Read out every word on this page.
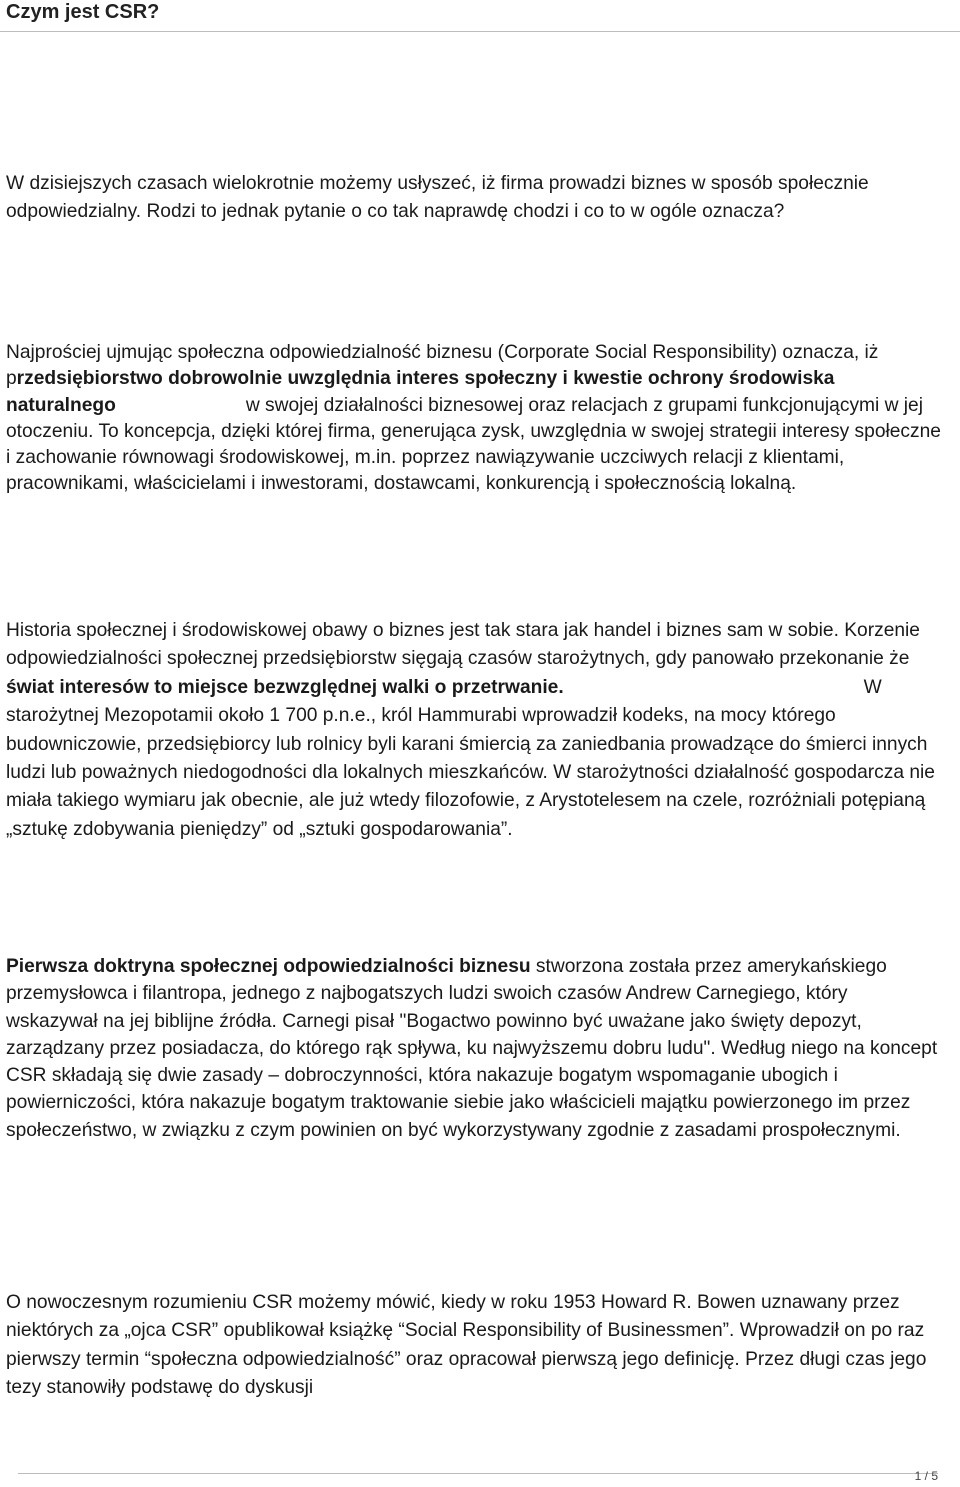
Czym jest CSR?

W dzisiejszych czasach wielokrotnie możemy usłyszeć, iż firma prowadzi biznes w sposób społecznie odpowiedzialny. Rodzi to jednak pytanie o co tak naprawdę chodzi i co to w ogóle oznacza?

Najprościej ujmując społeczna odpowiedzialność biznesu (Corporate Social Responsibility) oznacza, iż przedsiębiorstwo dobrowolnie uwzględnia interes społeczny i kwestie ochrony środowiska naturalnego	w swojej działalności biznesowej oraz relacjach z grupami funkcjonującymi w jej otoczeniu. To koncepcja, dzięki której firma, generująca zysk, uwzględnia w swojej strategii interesy społeczne i zachowanie równowagi środowiskowej, m.in. poprzez nawiązywanie uczciwych relacji z klientami, pracownikami, właścicielami i inwestorami, dostawcami, konkurencją i społecznością lokalną.

Historia społecznej i środowiskowej obawy o biznes jest tak stara jak handel i biznes sam w sobie. Korzenie odpowiedzialności społecznej przedsiębiorstw sięgają czasów starożytnych, gdy panowało przekonanie że świat interesów to miejsce bezwzględnej walki o przetrwanie.	W starożytnej Mezopotamii około 1 700 p.n.e., król Hammurabi wprowadził kodeks, na mocy którego budowniczowie, przedsiębiorcy lub rolnicy byli karani śmiercią za zaniedbania prowadzące do śmierci innych ludzi lub poważnych niedogodności dla lokalnych mieszkańców. W starożytności działalność gospodarcza nie miała takiego wymiaru jak obecnie, ale już wtedy filozofowie, z Arystotelesem na czele, rozróżniali potępianą „sztukę zdobywania pieniędzy” od „sztuki gospodarowania”.

Pierwsza doktryna społecznej odpowiedzialności biznesu stworzona została przez amerykańskiego przemysłowca i filantropa, jednego z najbogatszych ludzi swoich czasów Andrew Carnegiego, który wskazywał na jej biblijne źródła. Carnegi pisał "Bogactwo powinno być uważane jako święty depozyt, zarządzany przez posiadacza, do którego rąk spływa, ku najwyższemu dobru ludu". Według niego na koncept CSR składają się dwie zasady – dobroczynności, która nakazuje bogatym wspomaganie ubogich i powierniczości, która nakazuje bogatym traktowanie siebie jako właścicieli majątku powierzonego im przez społeczeństwo, w związku z czym powinien on być wykorzystywany zgodnie z zasadami prospołecznymi.

O nowoczesnym rozumieniu CSR możemy mówić, kiedy w roku 1953 Howard R. Bowen uznawany przez niektórych za „ojca CSR” opublikował książkę “Social Responsibility of Businessmen”. Wprowadził on po raz pierwszy termin “społeczna odpowiedzialność” oraz opracował pierwszą jego definicję. Przez długi czas jego tezy stanowiły podstawę do dyskusji

1 / 5
